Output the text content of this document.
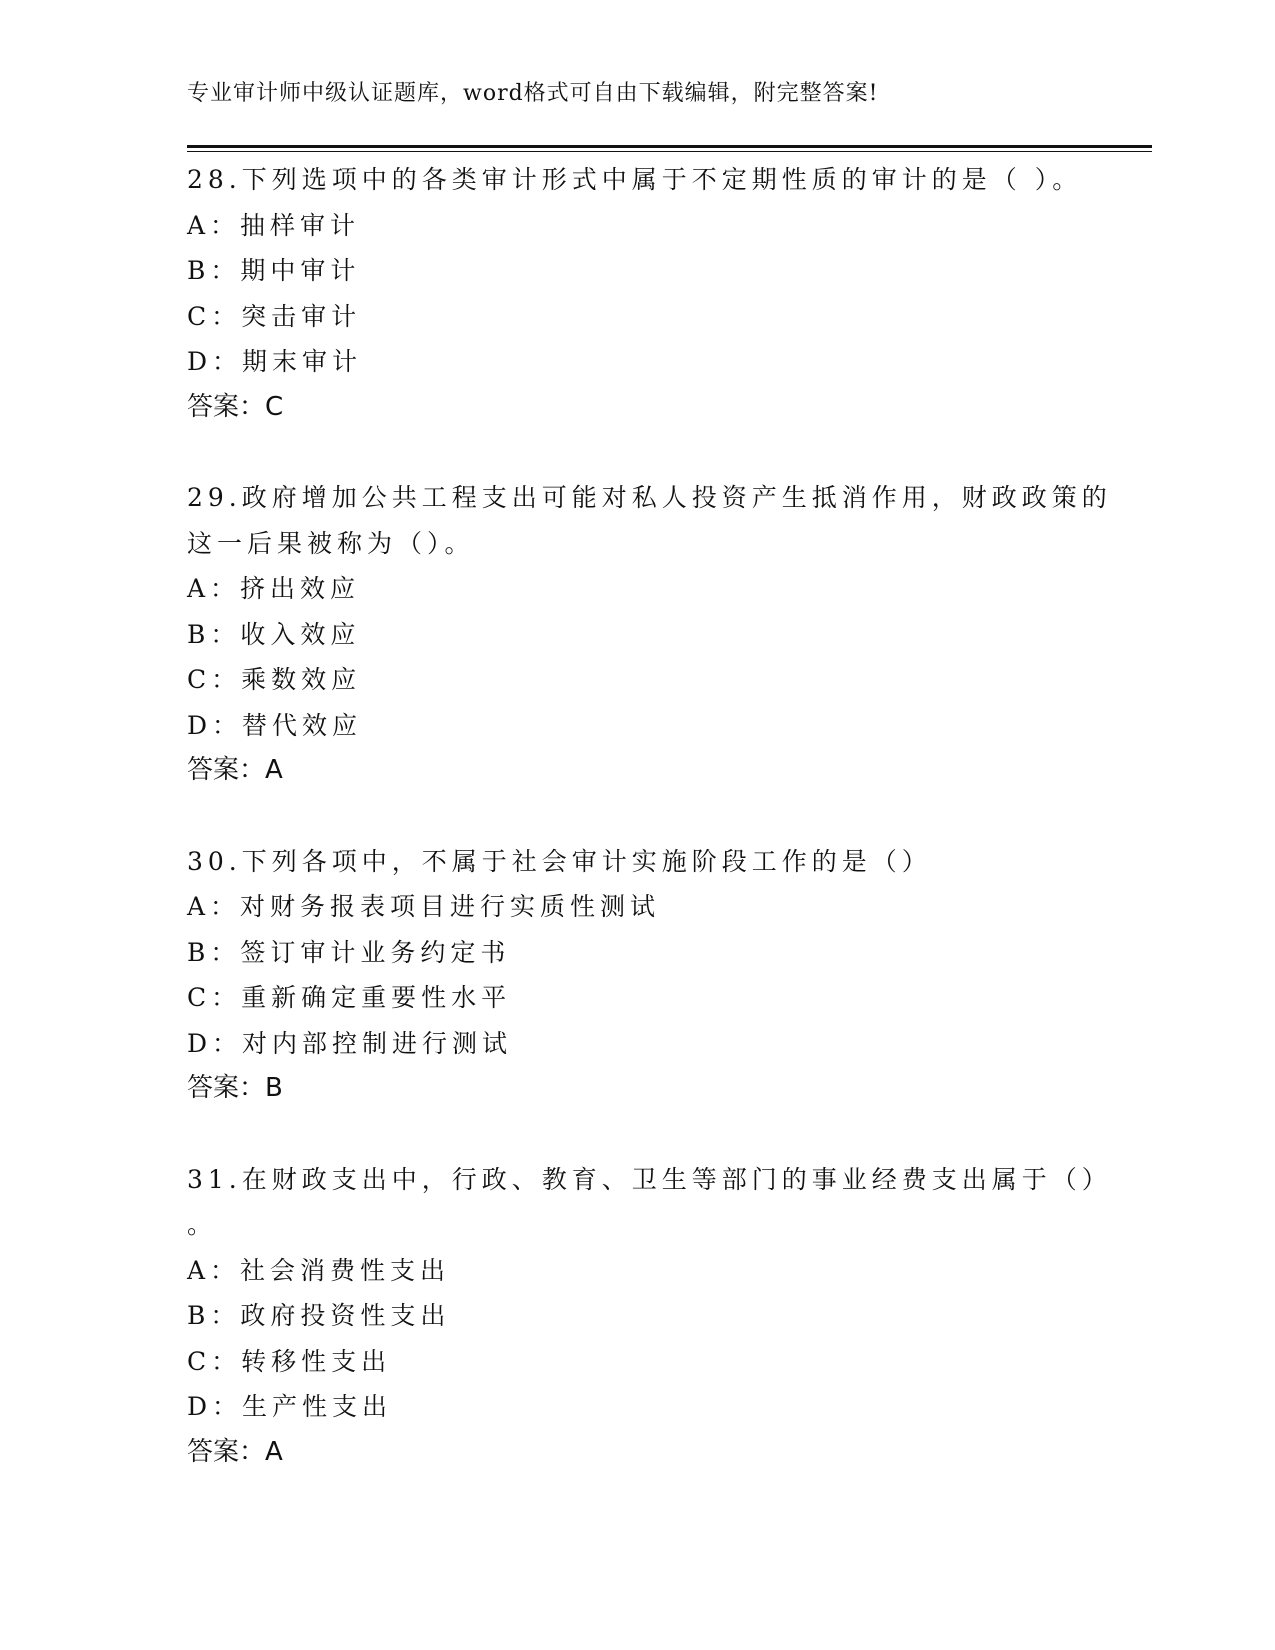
专业审计师中级认证题库，word格式可自由下载编辑，附完整答案!
28.下列选项中的各类审计形式中属于不定期性质的审计的是（ ）。
A：抽样审计
B：期中审计
C：突击审计
D：期末审计
答案：C
29.政府增加公共工程支出可能对私人投资产生抵消作用，财政政策的
这一后果被称为（）。
A：挤出效应
B：收入效应
C：乘数效应
D：替代效应
答案：A
30.下列各项中，不属于社会审计实施阶段工作的是（）
A：对财务报表项目进行实质性测试
B：签订审计业务约定书
C：重新确定重要性水平
D：对内部控制进行测试
答案：B
31.在财政支出中，行政、教育、卫生等部门的事业经费支出属于（）
。
A：社会消费性支出
B：政府投资性支出
C：转移性支出
D：生产性支出
答案：A
